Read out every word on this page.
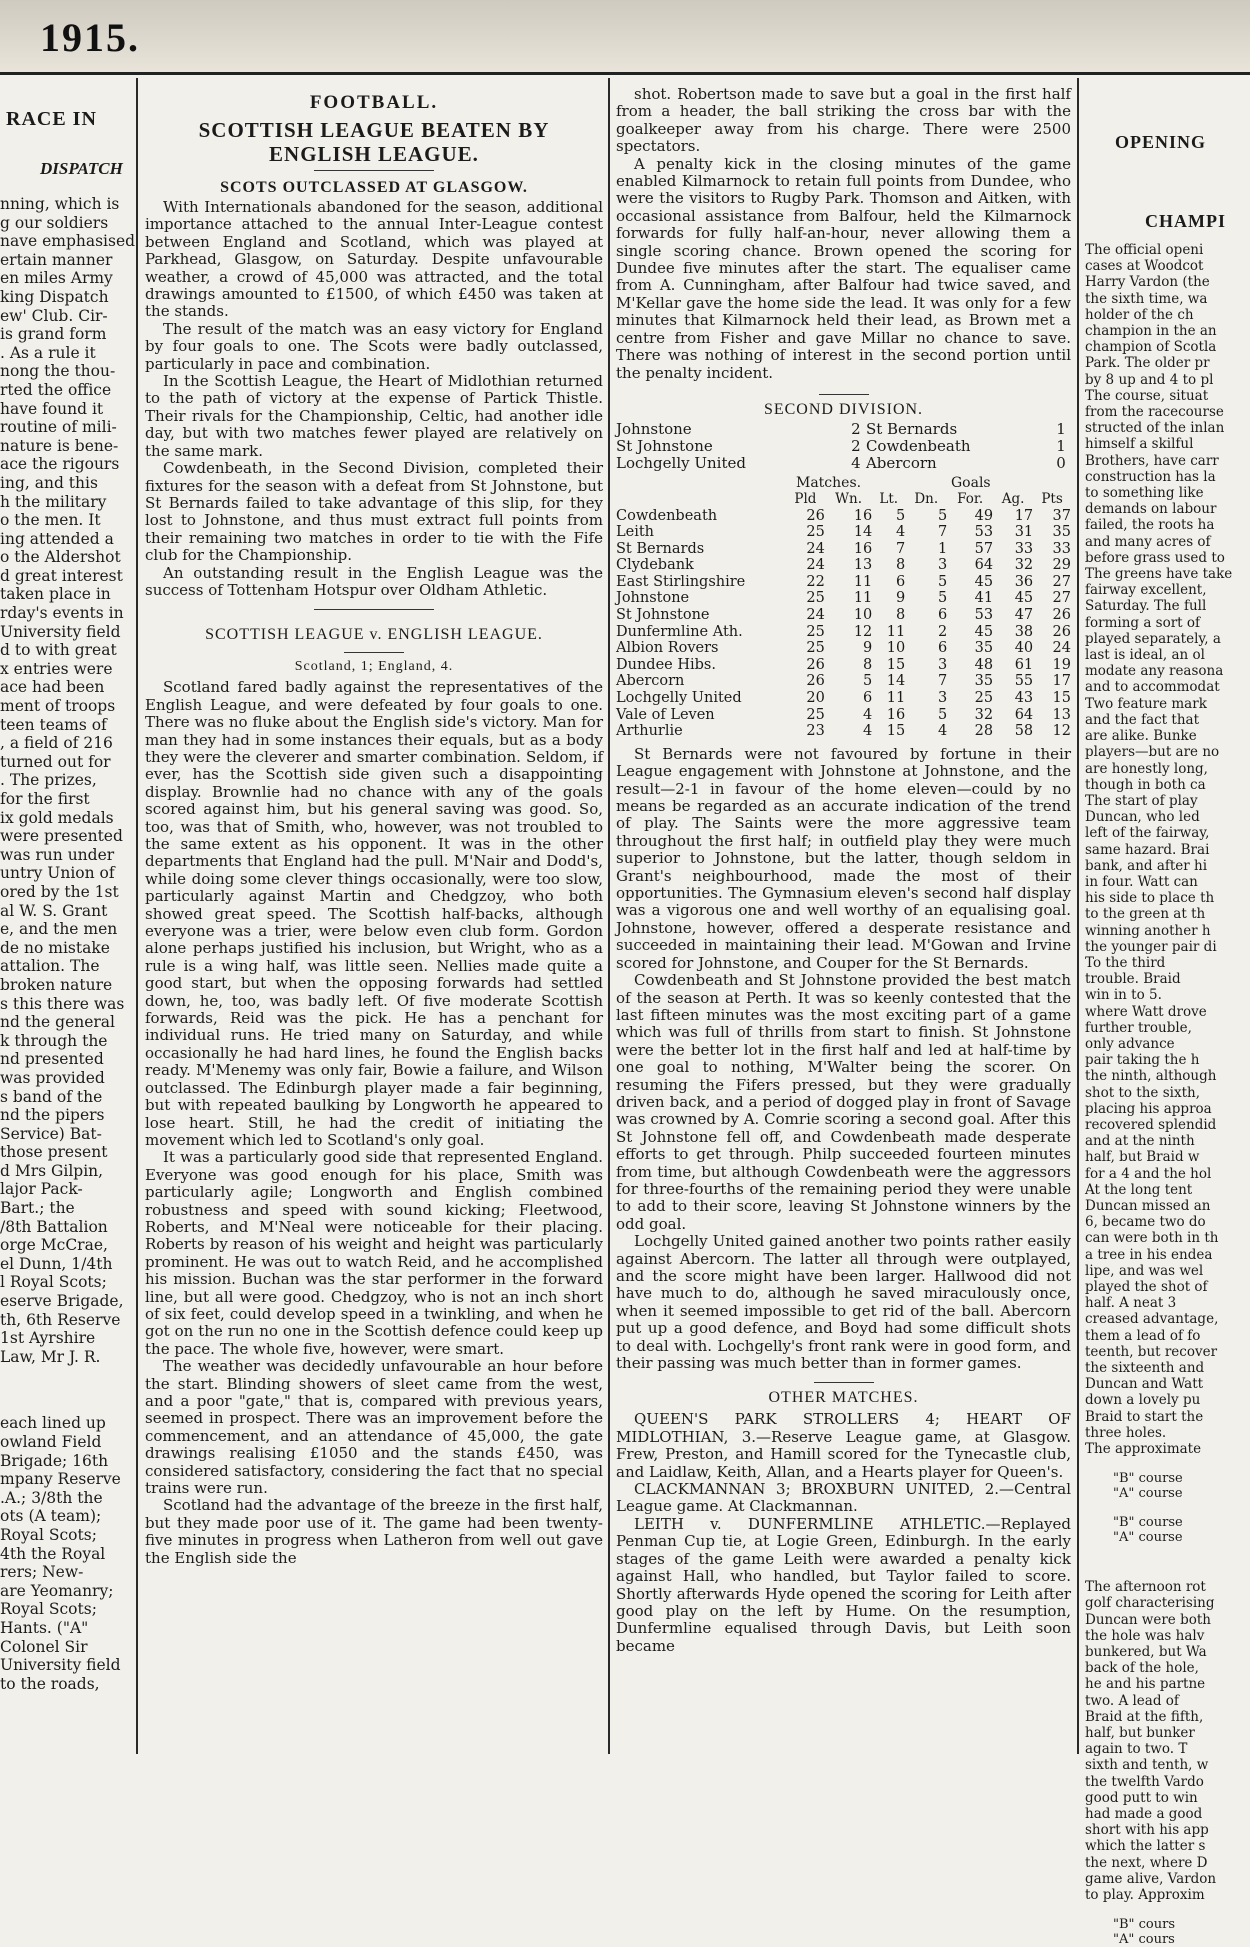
1915.
RACE IN
DISPATCH
nning, which is
g our soldiers
nave emphasised
ertain manner
en miles Army
king Dispatch
ew' Club. Cir-
is grand form
. As a rule it
nong the thou-
rted the office
have found it
routine of mili-
nature is bene-
ace the rigours
ing, and this
h the military
o the men. It
ing attended a
o the Aldershot
d great interest
taken place in
rday's events in
University field
d to with great
x entries were
ace had been
ment of troops
teen teams of
, a field of 216
turned out for
. The prizes,
for the first
ix gold medals
were presented
was run under
untry Union of
ored by the 1st
al W. S. Grant
e, and the men
de no mistake
attalion. The
broken nature
s this there was
nd the general
k through the
nd presented
was provided
s band of the
nd the pipers
Service) Bat-
those present
d Mrs Gilpin,
lajor Pack-
Bart.; the
/8th Battalion
orge McCrae,
el Dunn, 1/4th
l Royal Scots;
eserve Brigade,
th, 6th Reserve
1st Ayrshire
Law, Mr J. R.
each lined up
owland Field
Brigade; 16th
mpany Reserve
.A.; 3/8th the
ots (A team);
Royal Scots;
4th the Royal
rers; New-
are Yeomanry;
Royal Scots;
Hants. ("A"
Colonel Sir
University field
to the roads,
FOOTBALL.
SCOTTISH LEAGUE BEATEN BY ENGLISH LEAGUE.
SCOTS OUTCLASSED AT GLASGOW.

With Internationals abandoned for the season, additional importance attached to the annual Inter-League contest between England and Scotland, which was played at Parkhead, Glasgow, on Saturday. Despite unfavourable weather, a crowd of 45,000 was attracted, and the total drawings amounted to £1500, of which £450 was taken at the stands.

The result of the match was an easy victory for England by four goals to one. The Scots were badly outclassed, particularly in pace and combination.

In the Scottish League, the Heart of Midlothian returned to the path of victory at the expense of Partick Thistle. Their rivals for the Championship, Celtic, had another idle day, but with two matches fewer played are relatively on the same mark.

Cowdenbeath, in the Second Division, completed their fixtures for the season with a defeat from St Johnstone, but St Bernards failed to take advantage of this slip, for they lost to Johnstone, and thus must extract full points from their remaining two matches in order to tie with the Fife club for the Championship.

An outstanding result in the English League was the success of Tottenham Hotspur over Oldham Athletic.

SCOTTISH LEAGUE v. ENGLISH LEAGUE.
Scotland, 1; England, 4.

Scotland fared badly against the representatives of the English League, and were defeated by four goals to one. There was no fluke about the English side's victory. Man for man they had in some instances their equals, but as a body they were the cleverer and smarter combination. Seldom, if ever, has the Scottish side given such a disappointing display. Brownlie had no chance with any of the goals scored against him, but his general saving was good. So, too, was that of Smith, who, however, was not troubled to the same extent as his opponent. It was in the other departments that England had the pull. M'Nair and Dodd's, while doing some clever things occasionally, were too slow, particularly against Martin and Chedgzoy, who both showed great speed. The Scottish half-backs, although everyone was a trier, were below even club form. Gordon alone perhaps justified his inclusion, but Wright, who as a rule is a wing half, was little seen. Nellies made quite a good start, but when the opposing forwards had settled down, he, too, was badly left. Of five moderate Scottish forwards, Reid was the pick. He has a penchant for individual runs. He tried many on Saturday, and while occasionally he had hard lines, he found the English backs ready. M'Menemy was only fair, Bowie a failure, and Wilson outclassed. The Edinburgh player made a fair beginning, but with repeated baulking by Longworth he appeared to lose heart. Still, he had the credit of initiating the movement which led to Scotland's only goal.

It was a particularly good side that represented England. Everyone was good enough for his place, Smith was particularly agile; Longworth and English combined robustness and speed with sound kicking; Fleetwood, Roberts, and M'Neal were noticeable for their placing. Roberts by reason of his weight and height was particularly prominent. He was out to watch Reid, and he accomplished his mission. Buchan was the star performer in the forward line, but all were good. Chedgzoy, who is not an inch short of six feet, could develop speed in a twinkling, and when he got on the run no one in the Scottish defence could keep up the pace. The whole five, however, were smart.

The weather was decidedly unfavourable an hour before the start. Blinding showers of sleet came from the west, and a poor "gate," that is, compared with previous years, seemed in prospect. There was an improvement before the commencement, and an attendance of 45,000, the gate drawings realising £1050 and the stands £450, was considered satisfactory, considering the fact that no special trains were run.

Scotland had the advantage of the breeze in the first half, but they made poor use of it. The game had been twenty-five minutes in progress when Latheron from well out gave the English side the

shot. Robertson made to save but a goal in the first half from a header, the ball striking the cross bar with the goalkeeper away from his charge. There were 2500 spectators.

A penalty kick in the closing minutes of the game enabled Kilmarnock to retain full points from Dundee, who were the visitors to Rugby Park. Thomson and Aitken, with occasional assistance from Balfour, held the Kilmarnock forwards for fully half-an-hour, never allowing them a single scoring chance. Brown opened the scoring for Dundee five minutes after the start. The equaliser came from A. Cunningham, after Balfour had twice saved, and M'Kellar gave the home side the lead. It was only for a few minutes that Kilmarnock held their lead, as Brown met a centre from Fisher and gave Millar no chance to save. There was nothing of interest in the second portion until the penalty incident.

SECOND DIVISION.
Johnstone	2	St Bernards	1
St Johnstone	2	Cowdenbeath	1
Lochgelly United	4	Abercorn	0
Matches.	Goals
	Pld	Wn.	Lt.	Dn.	For.	Ag.	Pts
Cowdenbeath	26	16	5	5	49	17	37
Leith	25	14	4	7	53	31	35
St Bernards	24	16	7	1	57	33	33
Clydebank	24	13	8	3	64	32	29
East Stirlingshire	22	11	6	5	45	36	27
Johnstone	25	11	9	5	41	45	27
St Johnstone	24	10	8	6	53	47	26
Dunfermline Ath.	25	12	11	2	45	38	26
Albion Rovers	25	9	10	6	35	40	24
Dundee Hibs.	26	8	15	3	48	61	19
Abercorn	26	5	14	7	35	55	17
Lochgelly United	20	6	11	3	25	43	15
Vale of Leven	25	4	16	5	32	64	13
Arthurlie	23	4	15	4	28	58	12

St Bernards were not favoured by fortune in their League engagement with Johnstone at Johnstone, and the result—2-1 in favour of the home eleven—could by no means be regarded as an accurate indication of the trend of play. The Saints were the more aggressive team throughout the first half; in outfield play they were much superior to Johnstone, but the latter, though seldom in Grant's neighbourhood, made the most of their opportunities. The Gymnasium eleven's second half display was a vigorous one and well worthy of an equalising goal. Johnstone, however, offered a desperate resistance and succeeded in maintaining their lead. M'Gowan and Irvine scored for Johnstone, and Couper for the St Bernards.

Cowdenbeath and St Johnstone provided the best match of the season at Perth. It was so keenly contested that the last fifteen minutes was the most exciting part of a game which was full of thrills from start to finish. St Johnstone were the better lot in the first half and led at half-time by one goal to nothing, M'Walter being the scorer. On resuming the Fifers pressed, but they were gradually driven back, and a period of dogged play in front of Savage was crowned by A. Comrie scoring a second goal. After this St Johnstone fell off, and Cowdenbeath made desperate efforts to get through. Philp succeeded fourteen minutes from time, but although Cowdenbeath were the aggressors for three-fourths of the remaining period they were unable to add to their score, leaving St Johnstone winners by the odd goal.

Lochgelly United gained another two points rather easily against Abercorn. The latter all through were outplayed, and the score might have been larger. Hallwood did not have much to do, although he saved miraculously once, when it seemed impossible to get rid of the ball. Abercorn put up a good defence, and Boyd had some difficult shots to deal with. Lochgelly's front rank were in good form, and their passing was much better than in former games.

OTHER MATCHES.

QUEEN'S PARK STROLLERS 4; HEART OF MIDLOTHIAN, 3.—Reserve League game, at Glasgow. Frew, Preston, and Hamill scored for the Tynecastle club, and Laidlaw, Keith, Allan, and a Hearts player for Queen's.

CLACKMANNAN 3; BROXBURN UNITED, 2.—Central League game. At Clackmannan.

LEITH v. DUNFERMLINE ATHLETIC.—Replayed Penman Cup tie, at Logie Green, Edinburgh. In the early stages of the game Leith were awarded a penalty kick against Hall, who handled, but Taylor failed to score. Shortly afterwards Hyde opened the scoring for Leith after good play on the left by Hume. On the resumption, Dunfermline equalised through Davis, but Leith soon became

OPENING
CHAMPI
The official openi
cases at Woodcot
Harry Vardon (the
the sixth time, wa
holder of the ch
champion in the an
champion of Scotla
Park. The older pr
by 8 up and 4 to pl
The course, situat
from the racecourse
structed of the inlan
himself a skilful
Brothers, have carr
construction has la
to something like
demands on labour
failed, the roots ha
and many acres of
before grass used to
The greens have take
fairway excellent,
Saturday. The full
forming a sort of
played separately, a
last is ideal, an ol
modate any reasona
and to accommodat
Two feature mark
and the fact that
are alike. Bunke
players—but are no
are honestly long,
though in both ca
The start of play
Duncan, who led
left of the fairway,
same hazard. Brai
bank, and after hi
in four. Watt can
his side to place th
to the green at th
winning another h
the younger pair di
To the third
trouble. Braid
win in to 5.
where Watt drove
further trouble,
only advance
pair taking the h
the ninth, although
shot to the sixth,
placing his approa
recovered splendid
and at the ninth
half, but Braid w
for a 4 and the hol
At the long tent
Duncan missed an
6, became two do
can were both in th
a tree in his endea
lipe, and was wel
played the shot of
half. A neat 3
creased advantage,
them a lead of fo
teenth, but recover
the sixteenth and
Duncan and Watt
down a lovely pu
Braid to start the
three holes.
The approximate
"B" course
"A" course
"B" course
"A" course
The afternoon rot
golf characterising
Duncan were both
the hole was halv
bunkered, but Wa
back of the hole,
he and his partne
two. A lead of
Braid at the fifth,
half, but bunker
again to two. T
sixth and tenth, w
the twelfth Vardo
good putt to win
had made a good
short with his app
which the latter s
the next, where D
game alive, Vardon
to play. Approxim
"B" cours
"A" cours
